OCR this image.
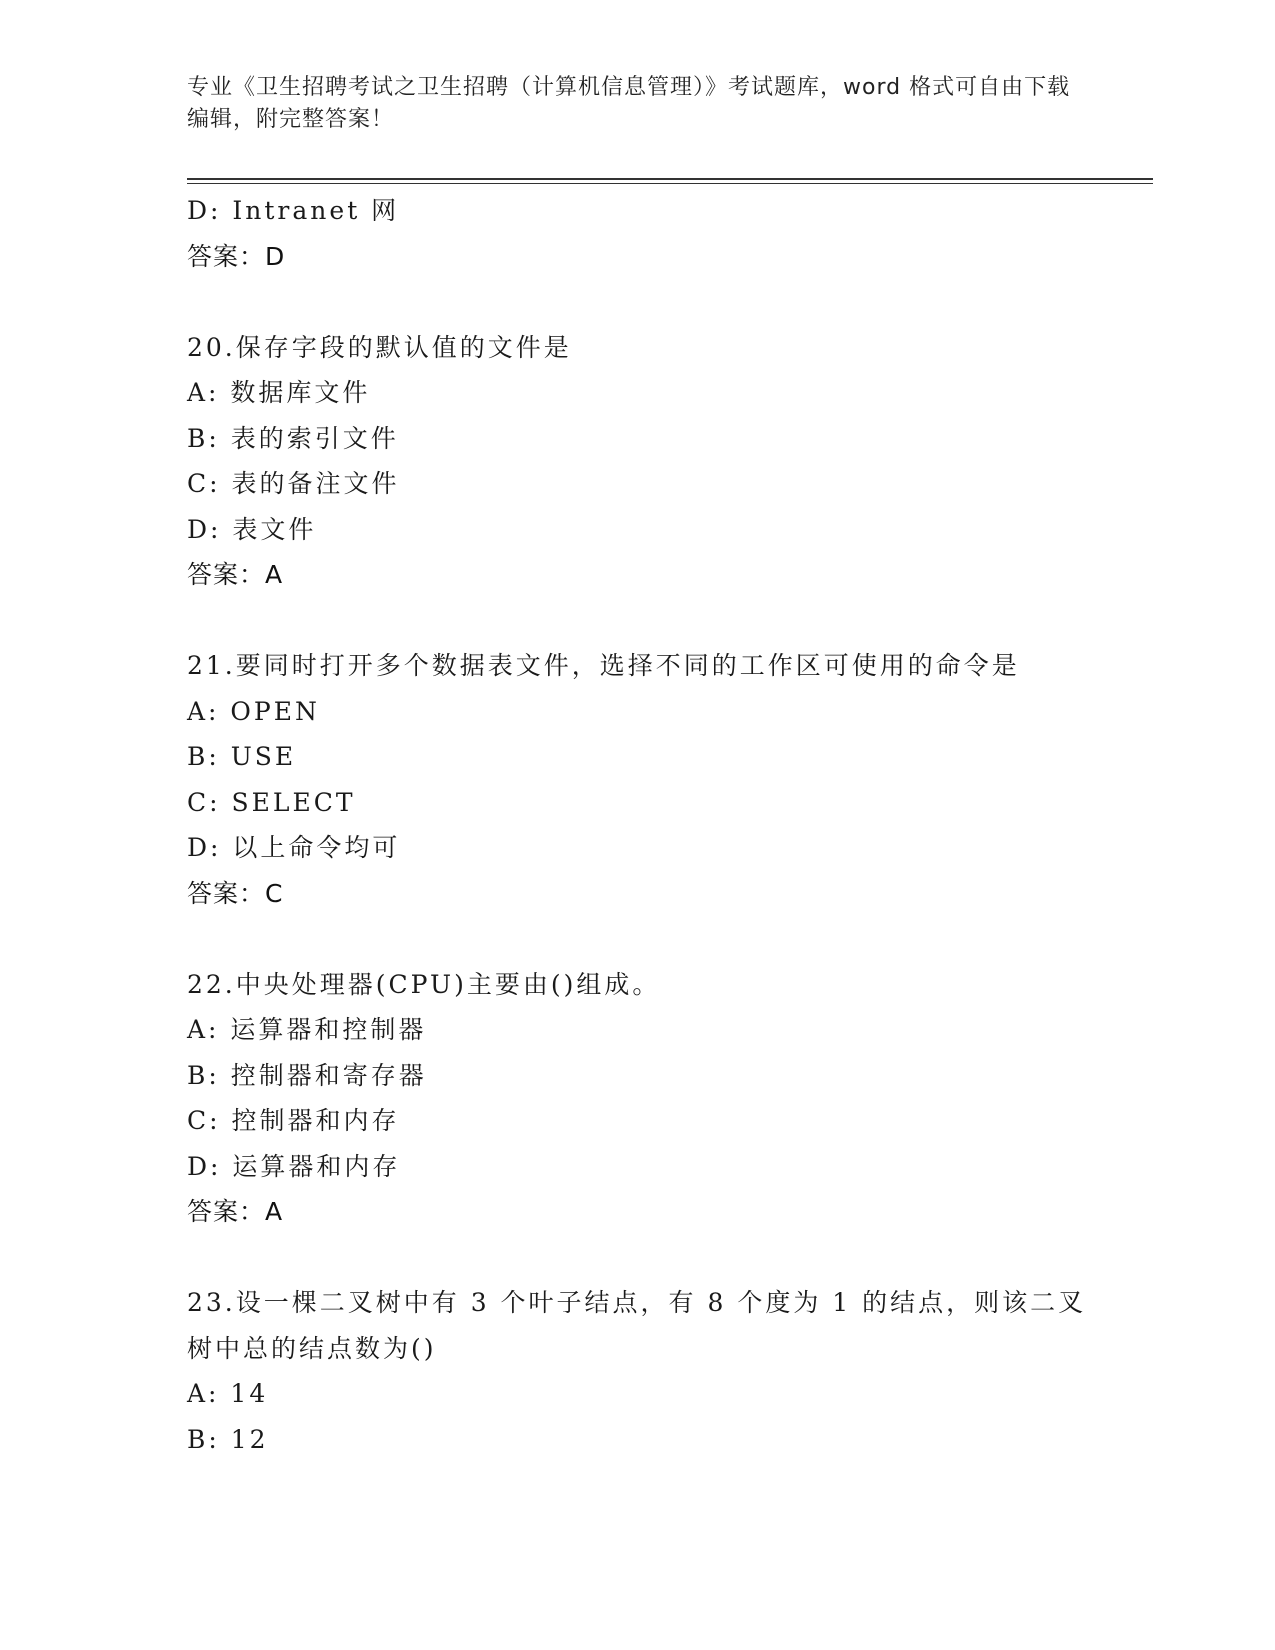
专业《卫生招聘考试之卫生招聘（计算机信息管理）》考试题库，word 格式可自由下载编辑，附完整答案！
D: Intranet 网
答案：D
20.保存字段的默认值的文件是
A: 数据库文件
B: 表的索引文件
C: 表的备注文件
D: 表文件
答案：A
21.要同时打开多个数据表文件，选择不同的工作区可使用的命令是
A: OPEN
B: USE
C: SELECT
D: 以上命令均可
答案：C
22.中央处理器(CPU)主要由()组成。
A: 运算器和控制器
B: 控制器和寄存器
C: 控制器和内存
D: 运算器和内存
答案：A
23.设一棵二叉树中有 3 个叶子结点，有 8 个度为 1 的结点，则该二叉
树中总的结点数为()
A: 14
B: 12
